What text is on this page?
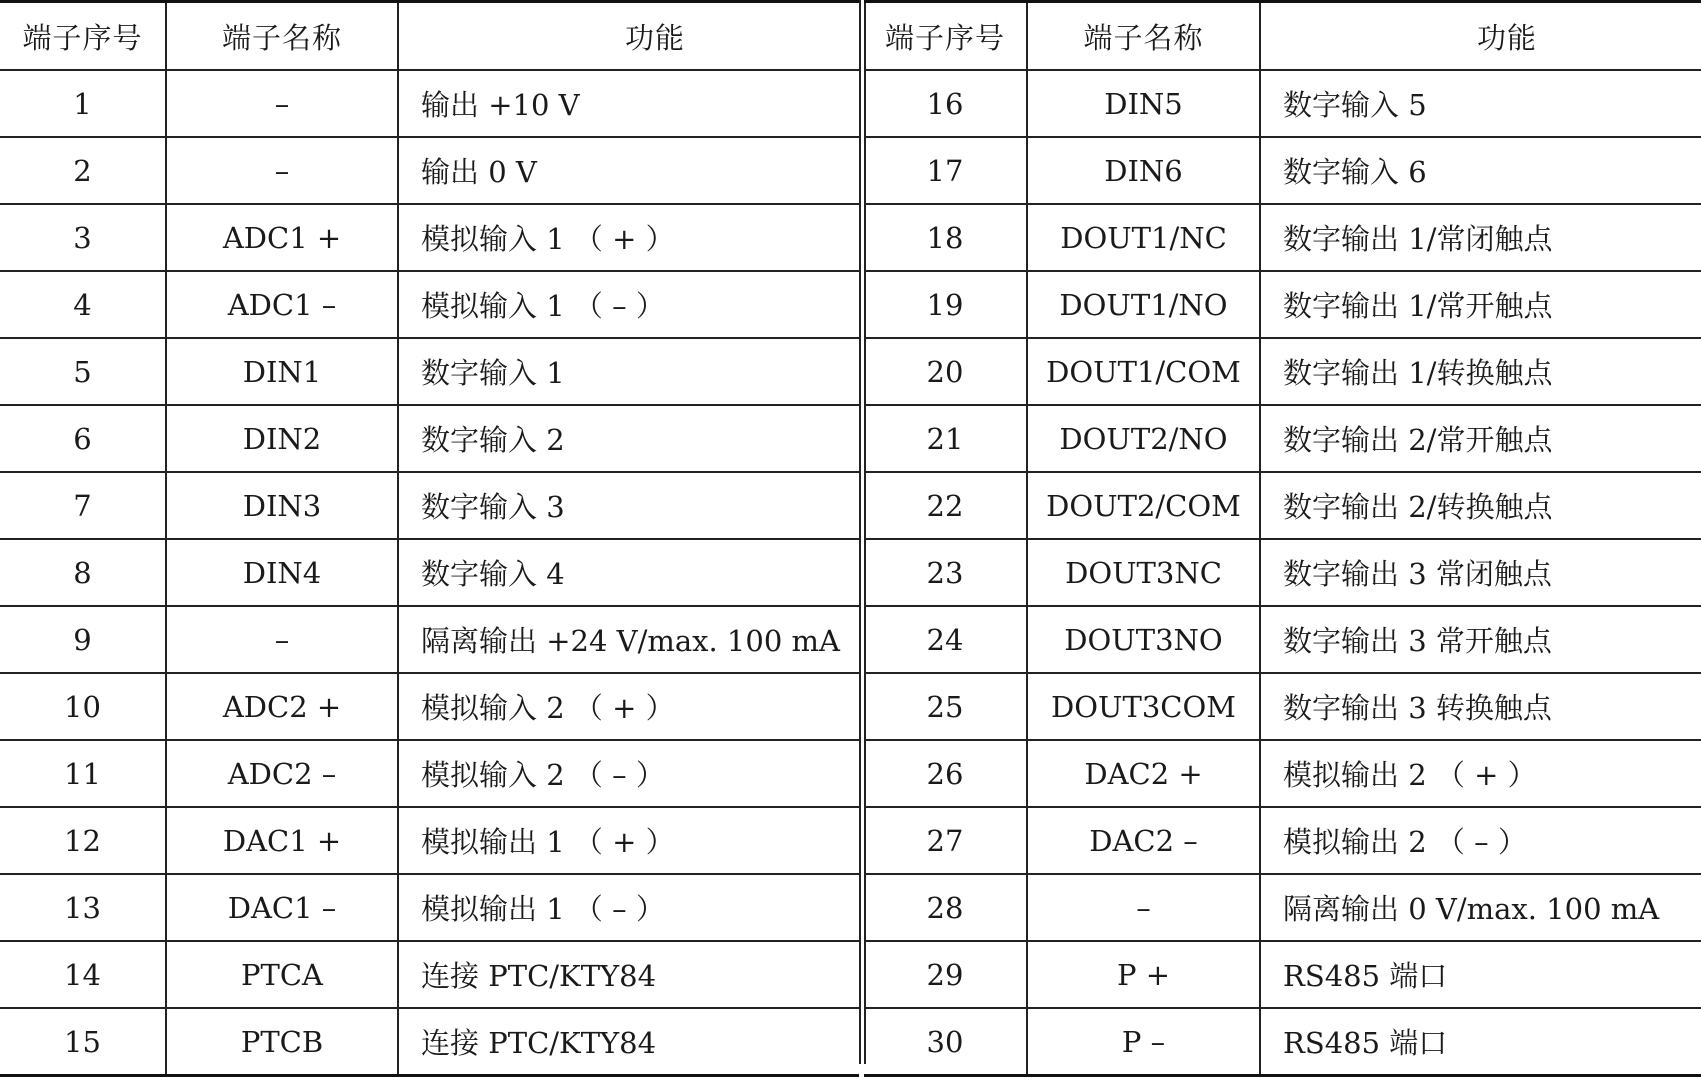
端子序号	端子名称	功能
1	–	输出 +10 V
2	–	输出 0 V
3	ADC1 +	模拟输入 1 （ + ）
4	ADC1 –	模拟输入 1 （ – ）
5	DIN1	数字输入 1
6	DIN2	数字输入 2
7	DIN3	数字输入 3
8	DIN4	数字输入 4
9	–	隔离输出 +24 V/max. 100 mA
10	ADC2 +	模拟输入 2 （ + ）
11	ADC2 –	模拟输入 2 （ – ）
12	DAC1 +	模拟输出 1 （ + ）
13	DAC1 –	模拟输出 1 （ – ）
14	PTCA	连接 PTC/KTY84
15	PTCB	连接 PTC/KTY84
端子序号	端子名称	功能
16	DIN5	数字输入 5
17	DIN6	数字输入 6
18	DOUT1/NC	数字输出 1/常闭触点
19	DOUT1/NO	数字输出 1/常开触点
20	DOUT1/COM	数字输出 1/转换触点
21	DOUT2/NO	数字输出 2/常开触点
22	DOUT2/COM	数字输出 2/转换触点
23	DOUT3NC	数字输出 3 常闭触点
24	DOUT3NO	数字输出 3 常开触点
25	DOUT3COM	数字输出 3 转换触点
26	DAC2 +	模拟输出 2 （ + ）
27	DAC2 –	模拟输出 2 （ – ）
28	–	隔离输出 0 V/max. 100 mA
29	P +	RS485 端口
30	P –	RS485 端口
